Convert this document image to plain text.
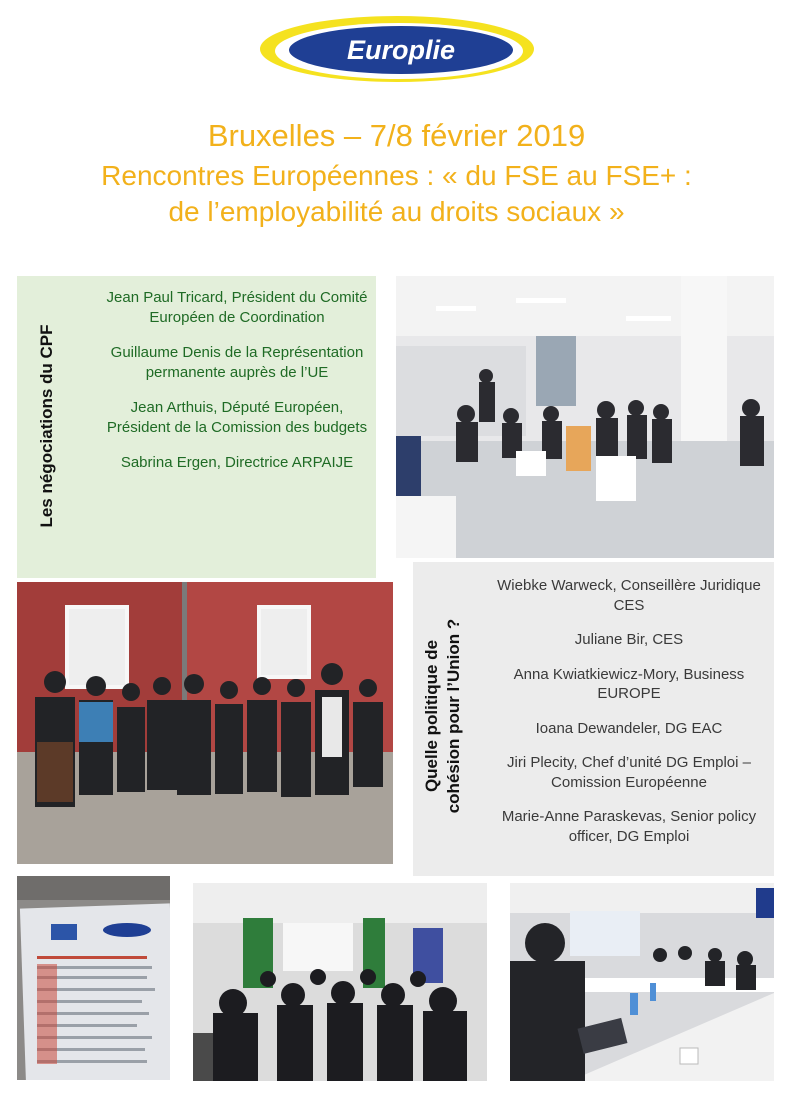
Europlie
Bruxelles – 7/8 février 2019
Rencontres Européennes : « du FSE au FSE+ :
de l’employabilité au droits sociaux »
Les négociations du CPF

Jean Paul Tricard, Président du Comité Européen de Coordination

Guillaume Denis de la Représentation permanente auprès de l’UE

Jean Arthuis, Député Européen, Président de la Comission des budgets

Sabrina Ergen, Directrice ARPAIJE

Quelle politique de cohésion pour l’Union ?

Wiebke Warweck, Conseillère Juridique CES

Juliane Bir, CES

Anna Kwiatkiewicz-Mory, Business EUROPE

Ioana Dewandeler, DG EAC

Jiri Plecity, Chef d’unité DG Emploi – Comission Européenne

Marie-Anne Paraskevas, Senior policy officer, DG Emploi
